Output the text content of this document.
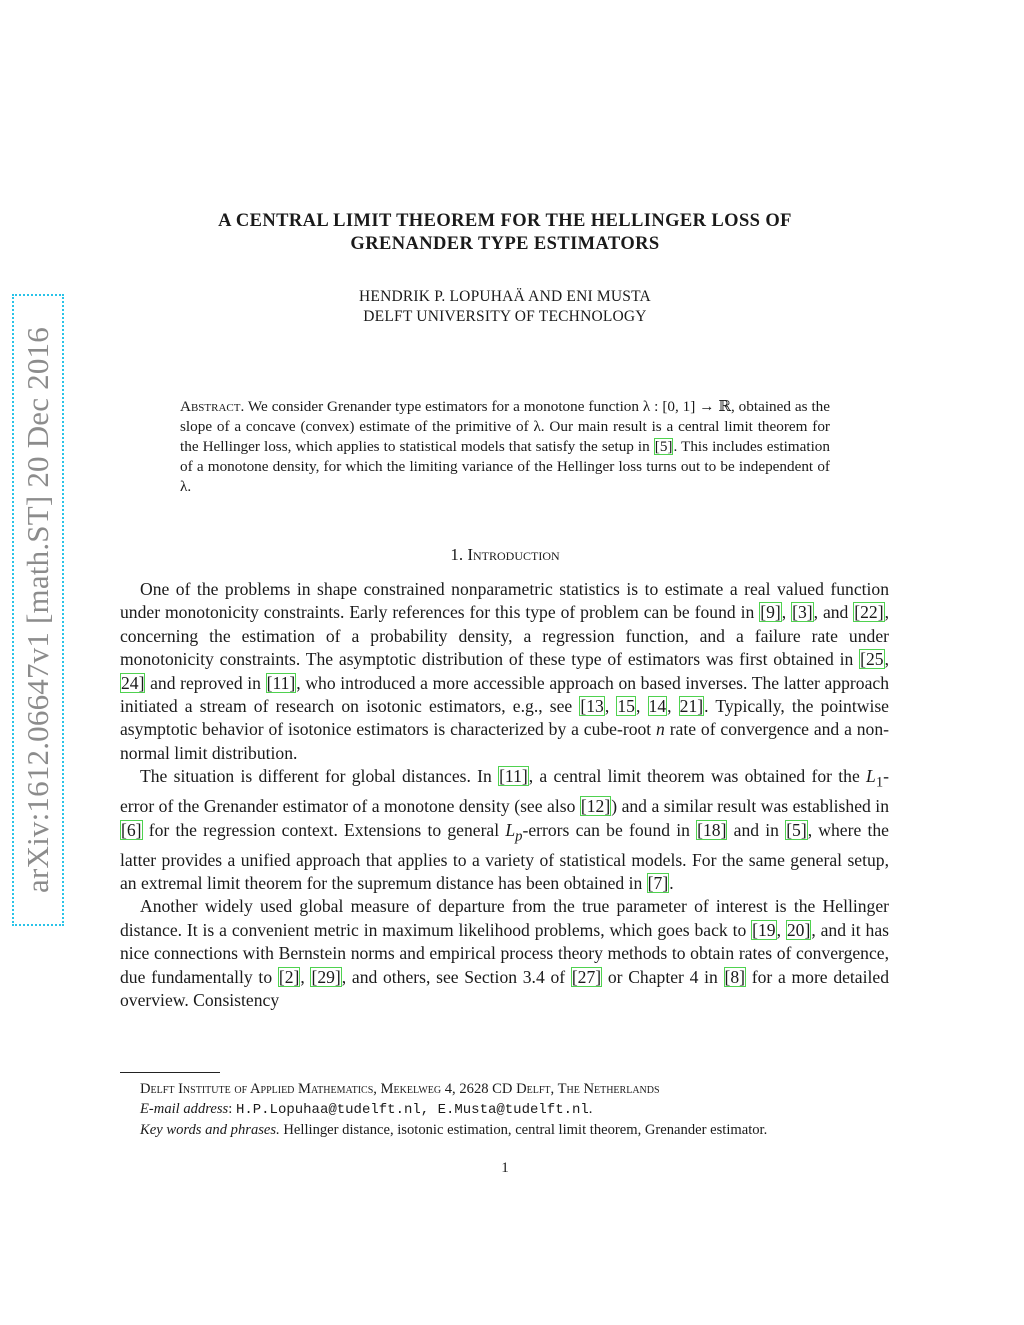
arXiv:1612.06647v1 [math.ST] 20 Dec 2016
A CENTRAL LIMIT THEOREM FOR THE HELLINGER LOSS OF
GRENANDER TYPE ESTIMATORS
HENDRIK P. LOPUHAÄ AND ENI MUSTA
DELFT UNIVERSITY OF TECHNOLOGY
Abstract. We consider Grenander type estimators for a monotone function λ : [0, 1] → ℝ, obtained as the slope of a concave (convex) estimate of the primitive of λ. Our main result is a central limit theorem for the Hellinger loss, which applies to statistical models that satisfy the setup in [5]. This includes estimation of a monotone density, for which the limiting variance of the Hellinger loss turns out to be independent of λ.
1. Introduction

One of the problems in shape constrained nonparametric statistics is to estimate a real valued function under monotonicity constraints. Early references for this type of problem can be found in [9], [3], and [22], concerning the estimation of a probability density, a regression function, and a failure rate under monotonicity constraints. The asymptotic distribution of these type of estimators was first obtained in [25, 24] and reproved in [11], who introduced a more accessible approach on based inverses. The latter approach initiated a stream of research on isotonic estimators, e.g., see [13, 15, 14, 21]. Typically, the pointwise asymptotic behavior of isotonice estimators is characterized by a cube-root n rate of convergence and a non-normal limit distribution.

The situation is different for global distances. In [11], a central limit theorem was obtained for the $L_1$-error of the Grenander estimator of a monotone density (see also [12]) and a similar result was established in [6] for the regression context. Extensions to general $L_p$-errors can be found in [18] and in [5], where the latter provides a unified approach that applies to a variety of statistical models. For the same general setup, an extremal limit theorem for the supremum distance has been obtained in [7].

Another widely used global measure of departure from the true parameter of interest is the Hellinger distance. It is a convenient metric in maximum likelihood problems, which goes back to [19, 20], and it has nice connections with Bernstein norms and empirical process theory methods to obtain rates of convergence, due fundamentally to [2], [29], and others, see Section 3.4 of [27] or Chapter 4 in [8] for a more detailed overview. Consistency

Delft Institute of Applied Mathematics, Mekelweg 4, 2628 CD Delft, The Netherlands
E-mail address: H.P.Lopuhaa@tudelft.nl, E.Musta@tudelft.nl.
Key words and phrases. Hellinger distance, isotonic estimation, central limit theorem, Grenander estimator.
1
